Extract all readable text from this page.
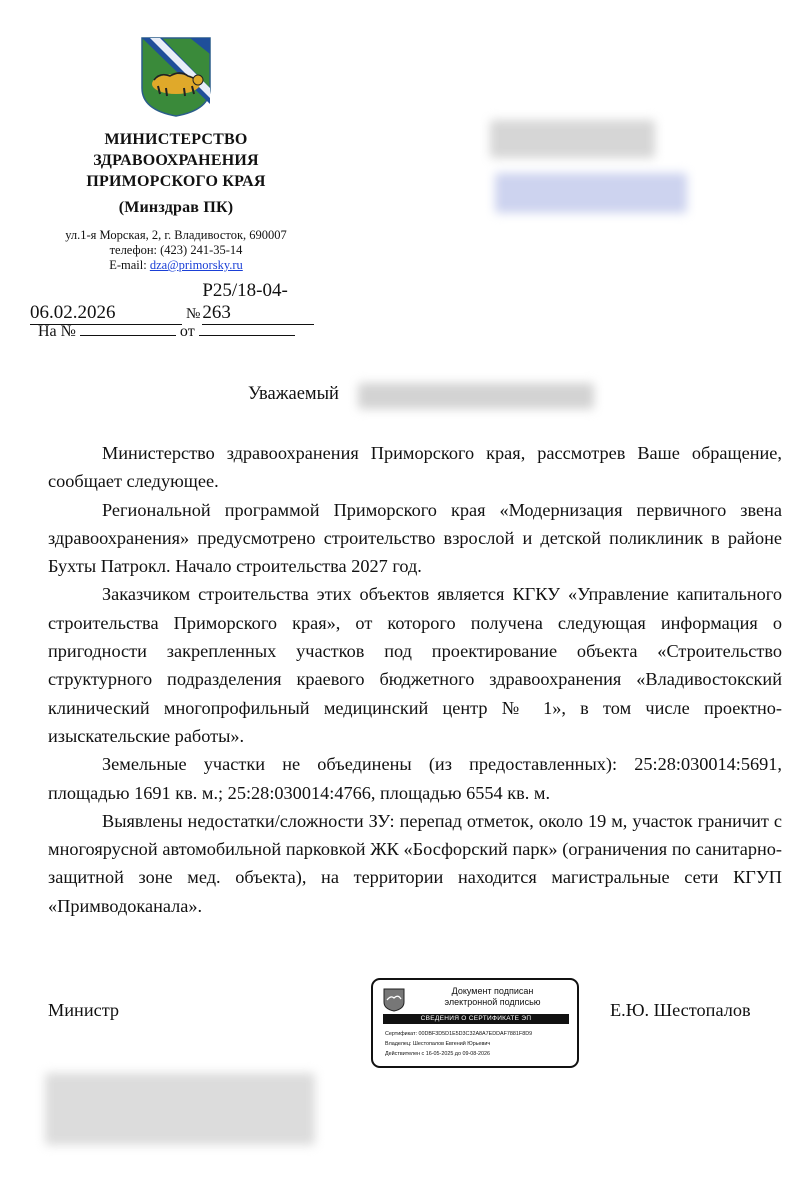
МИНИСТЕРСТВО
ЗДРАВООХРАНЕНИЯ
ПРИМОРСКОГО КРАЯ
(Минздрав ПК)
ул.1-я Морская, 2, г. Владивосток, 690007
телефон: (423) 241-35-14
E-mail: dza@primorsky.ru
06.02.2026	№Р25/18-04-263
На №	от
Уважаемый

Министерство здравоохранения Приморского края, рассмотрев Ваше обращение, сообщает следующее.

Региональной программой Приморского края «Модернизация первичного звена здравоохранения» предусмотрено строительство взрослой и детской поликлиник в районе Бухты Патрокл. Начало строительства 2027 год.

Заказчиком строительства этих объектов является КГКУ «Управление капитального строительства Приморского края», от которого получена следующая информация о пригодности закрепленных участков под проектирование объекта «Строительство структурного подразделения краевого бюджетного здравоохранения «Владивостокский клинический многопрофильный медицинский центр № 1», в том числе проектно-изыскательские работы».

Земельные участки не объединены (из предоставленных): 25:28:030014:5691, площадью 1691 кв. м.; 25:28:030014:4766, площадью 6554 кв. м.

Выявлены недостатки/сложности ЗУ: перепад отметок, около 19 м, участок граничит с многоярусной автомобильной парковкой ЖК «Босфорский парк» (ограничения по санитарно-защитной зоне мед. объекта), на территории находится магистральные сети КГУП «Примводоканала».

Министр	Е.Ю. Шестопалов
Документ подписан
электронной подписью
СВЕДЕНИЯ О СЕРТИФИКАТЕ ЭП
Сертификат: 00DBF3D5D1E5D3C32A8A7EDDAF7881F8D9
Владелец: Шестопалов Евгений Юрьевич
Действителен с 16-05-2025 до 09-08-2026
